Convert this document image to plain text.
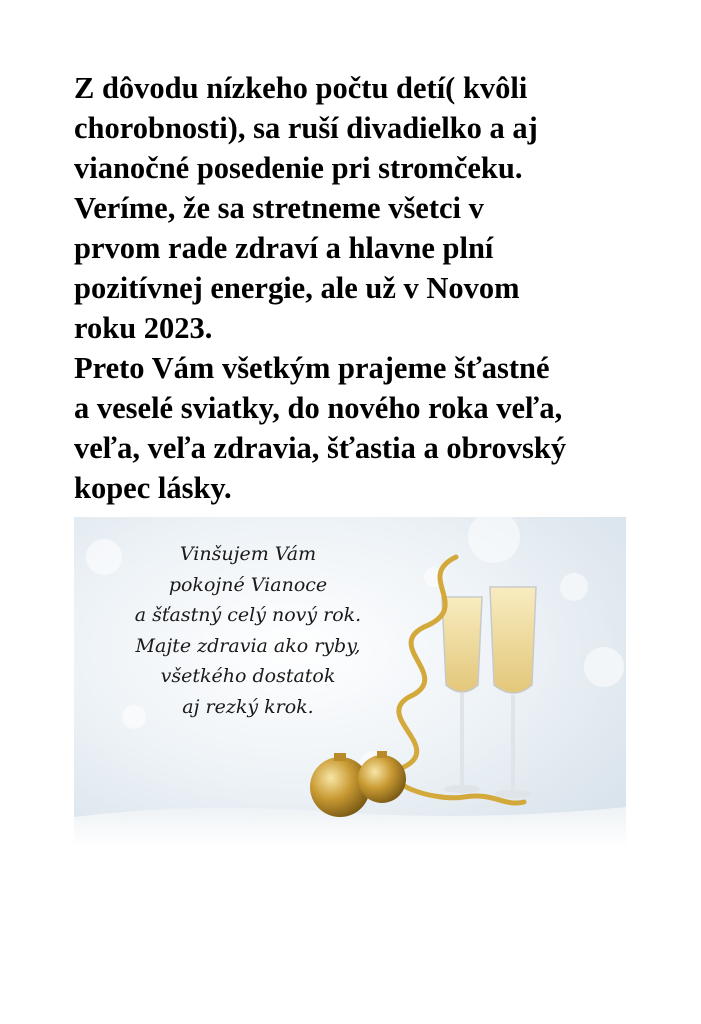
Z dôvodu nízkeho počtu detí( kvôli
chorobnosti), sa ruší divadielko a aj
vianočné posedenie pri stromčeku.
Veríme, že sa stretneme všetci v
prvom rade zdraví a hlavne plní
pozitívnej energie, ale už v Novom
roku 2023.
Preto Vám všetkým prajeme šťastné
a veselé sviatky, do nového roka veľa,
veľa, veľa zdravia, šťastia a obrovský
kopec lásky.
Vinšujem Vám
pokojné Vianoce
a šťastný celý nový rok.
Majte zdravia ako ryby,
všetkého dostatok
aj rezký krok.
